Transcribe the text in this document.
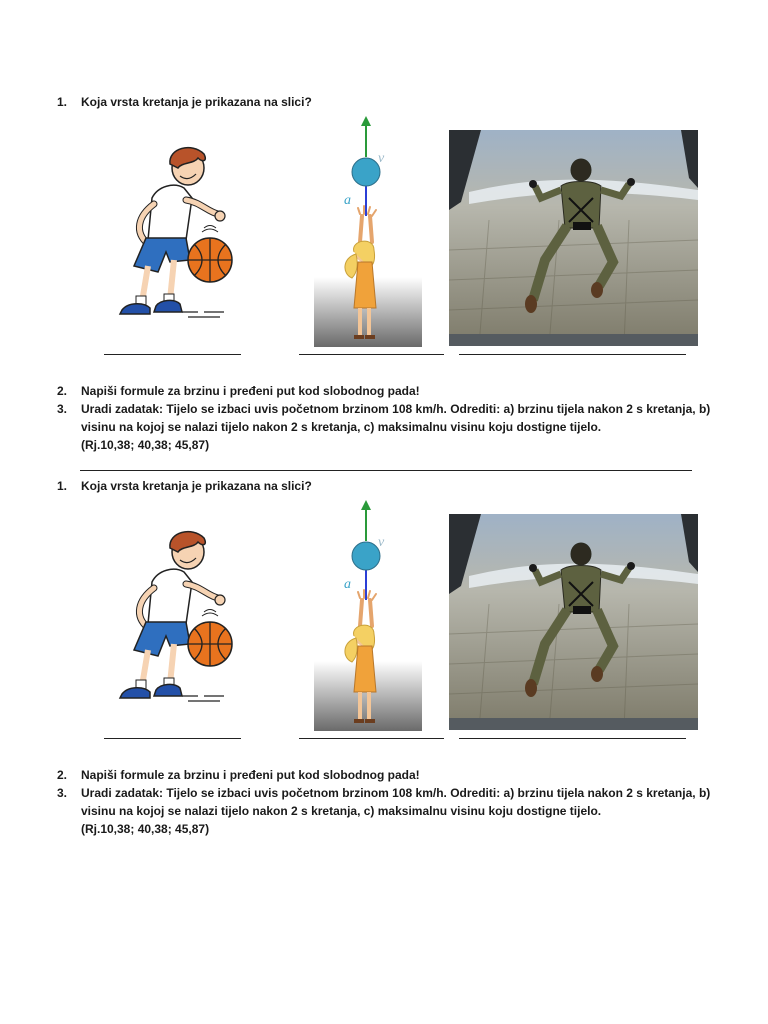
1. Koja vrsta kretanja je prikazana na slici?
v
a
2. Napiši formule za brzinu i pređeni put kod slobodnog pada!
3. Uradi zadatak: Tijelo se izbaci uvis početnom brzinom 108 km/h. Odrediti: a) brzinu tijela nakon 2 s kretanja, b)
visinu na kojoj se nalazi tijelo nakon 2 s kretanja, c) maksimalnu visinu koju dostigne tijelo.
(Rj.10,38; 40,38; 45,87)
1. Koja vrsta kretanja je prikazana na slici?
v
a
2. Napiši formule za brzinu i pređeni put kod slobodnog pada!
3. Uradi zadatak: Tijelo se izbaci uvis početnom brzinom 108 km/h. Odrediti: a) brzinu tijela nakon 2 s kretanja, b)
visinu na kojoj se nalazi tijelo nakon 2 s kretanja, c) maksimalnu visinu koju dostigne tijelo.
(Rj.10,38; 40,38; 45,87)
